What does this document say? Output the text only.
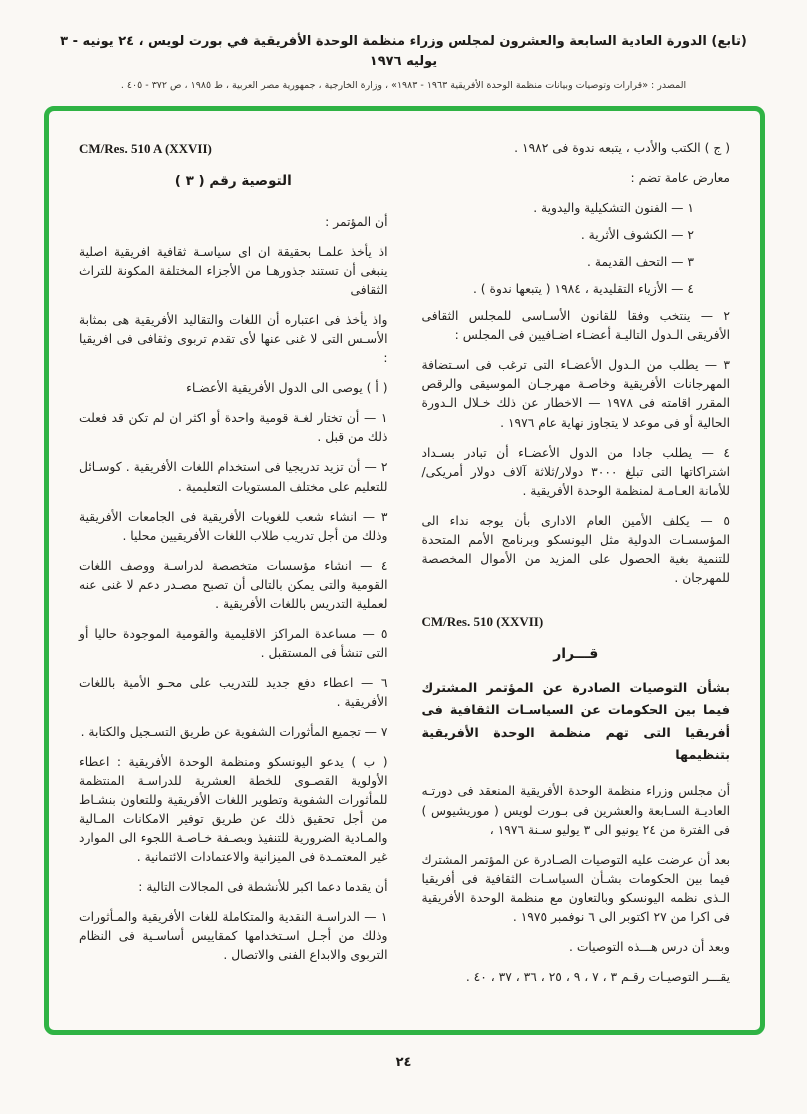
(تابع) الدورة العادية السابعة والعشرون لمجلس وزراء منظمة الوحدة الأفريقية في بورت لويس ، ٢٤ يونيه - ٣ يوليه ١٩٧٦
المصدر : «قرارات وتوصيات وبيانات منظمة الوحدة الأفريقية ١٩٦٣ - ١٩٨٣» ، وزارة الخارجية ، جمهورية مصر العربية ، ط ١٩٨٥ ، ص ٣٧٢ - ٤٠٥ .

( ج ) الكتب والأدب ، يتبعه ندوة فى ١٩٨٢ .

معارض عامة تضم :

١ — الفنون التشكيلية واليدوية .

٢ — الكشوف الأثرية .

٣ — التحف القديمة .

٤ — الأزياء التقليدية ، ١٩٨٤ ( يتبعها ندوة ) .

٢ — ينتخب وفقا للقانون الأسـاسى للمجلس الثقافى الأفريقى الـدول التاليـة أعضـاء اضـافيين فى المجلس :

٣ — يطلب من الـدول الأعضـاء التى ترغب فى اسـتضافة المهرجانات الأفريقية وخاصـة مهرجـان الموسيقى والرقص المقرر اقامته فى ١٩٧٨ — الاخطار عن ذلك خـلال الـدورة الحالية أو فى موعد لا يتجاوز نهاية عام ١٩٧٦ .

٤ — يطلب جادا من الدول الأعضـاء أن تبادر بسـداد اشتراكاتها التى تبلغ ٣٠٠٠ دولار/ثلاثة آلاف دولار أمريكى/للأمانة العـامـة لمنظمة الوحدة الأفريقية .

٥ — يكلف الأمين العام الادارى بأن يوجه نداء الى المؤسسـات الدولية مثل اليونسكو وبرنامج الأمم المتحدة للتنمية بغية الحصول على المزيد من الأموال المخصصة للمهرجان .

CM/Res. 510 (XXVII)

قـــرار

بشأن التوصيات الصادرة عن المؤتمر المشترك فيما بين الحكومات عن السياسـات الثقافية فى أفريقيا التى تهم منظمة الوحدة الأفريقية بتنظيمها

أن مجلس وزراء منظمة الوحدة الأفريقية المنعقد فى دورتـه العاديـة السـابعة والعشرين فى بـورت لويس ( موريشيوس ) فى الفترة من ٢٤ يونيو الى ٣ يوليو سـنة ١٩٧٦ ،

بعد أن عرضت عليه التوصيات الصـادرة عن المؤتمر المشترك فيما بين الحكومات بشـأن السياسـات الثقافية فى أفريقيا الـذى نظمه اليونسكو وبالتعاون مع منظمة الوحدة الأفريقية فى اكرا من ٢٧ اكتوبر الى ٦ نوفمبر ١٩٧٥ .

وبعد أن درس هـــذه التوصيات .

يقـــر التوصيـات رقـم ٣ ، ٧ ، ٩ ، ٢٥ ، ٣٦ ، ٣٧ ، ٤٠ .

CM/Res. 510 A (XXVII)

التوصية رقم ( ٣ )

أن المؤتمر :

اذ يأخذ علمـا بحقيقة ان اى سياسـة ثقافية افريقية اصلية ينبغى أن تستند جذورهـا من الأجزاء المختلفة المكونة للتراث الثقافى

واذ يأخذ فى اعتباره أن اللغات والتقاليد الأفريقية هى بمثابة الأسـس التى لا غنى عنها لأى تقدم تربوى وثقافى فى افريقيا :

( أ ) يوصى الى الدول الأفريقية الأعضـاء

١ — أن تختار لغـة قومية واحدة أو اكثر ان لم تكن قد فعلت ذلك من قبل .

٢ — أن تزيد تدريجيا فى استخدام اللغات الأفريقية . كوسـائل للتعليم على مختلف المستويات التعليمية .

٣ — انشاء شعب للغويات الأفريقية فى الجامعات الأفريقية وذلك من أجل تدريب طلاب اللغات الأفريقيين محليا .

٤ — انشاء مؤسسات متخصصة لدراسـة ووصف اللغات القومية والتى يمكن بالتالى أن تصبح مصـدر دعم لا غنى عنه لعملية التدريس باللغات الأفريقية .

٥ — مساعدة المراكز الاقليمية والقومية الموجودة حاليا أو التى تنشأ فى المستقبل .

٦ — اعطاء دفع جديد للتدريب على محـو الأمية باللغات الأفريقية .

٧ — تجميع المأثورات الشفوية عن طريق التسـجيل والكتابة .

( ب ) يدعو اليونسكو ومنظمة الوحدة الأفريقية : اعطاء الأولوية القصـوى للخطة العشرية للدراسـة المنتظمة للمأثورات الشفوية وتطوير اللغات الأفريقية وللتعاون بنشـاط من أجل تحقيق ذلك عن طريق توفير الامكانات المـالية والمـادية الضرورية للتنفيذ وبصـفة خـاصـة اللجوء الى الموارد غير المعتمـدة فى الميزانية والاعتمادات الائتمانية .

أن يقدما دعما اكبر للأنشطة فى المجالات التالية :

١ — الدراسـة النقدية والمتكاملة للغات الأفريقية والمـأثورات وذلك من أجـل اسـتخدامها كمقاييس أساسـية فى النظام التربوى والابداع الفنى والاتصال .

٢٤
